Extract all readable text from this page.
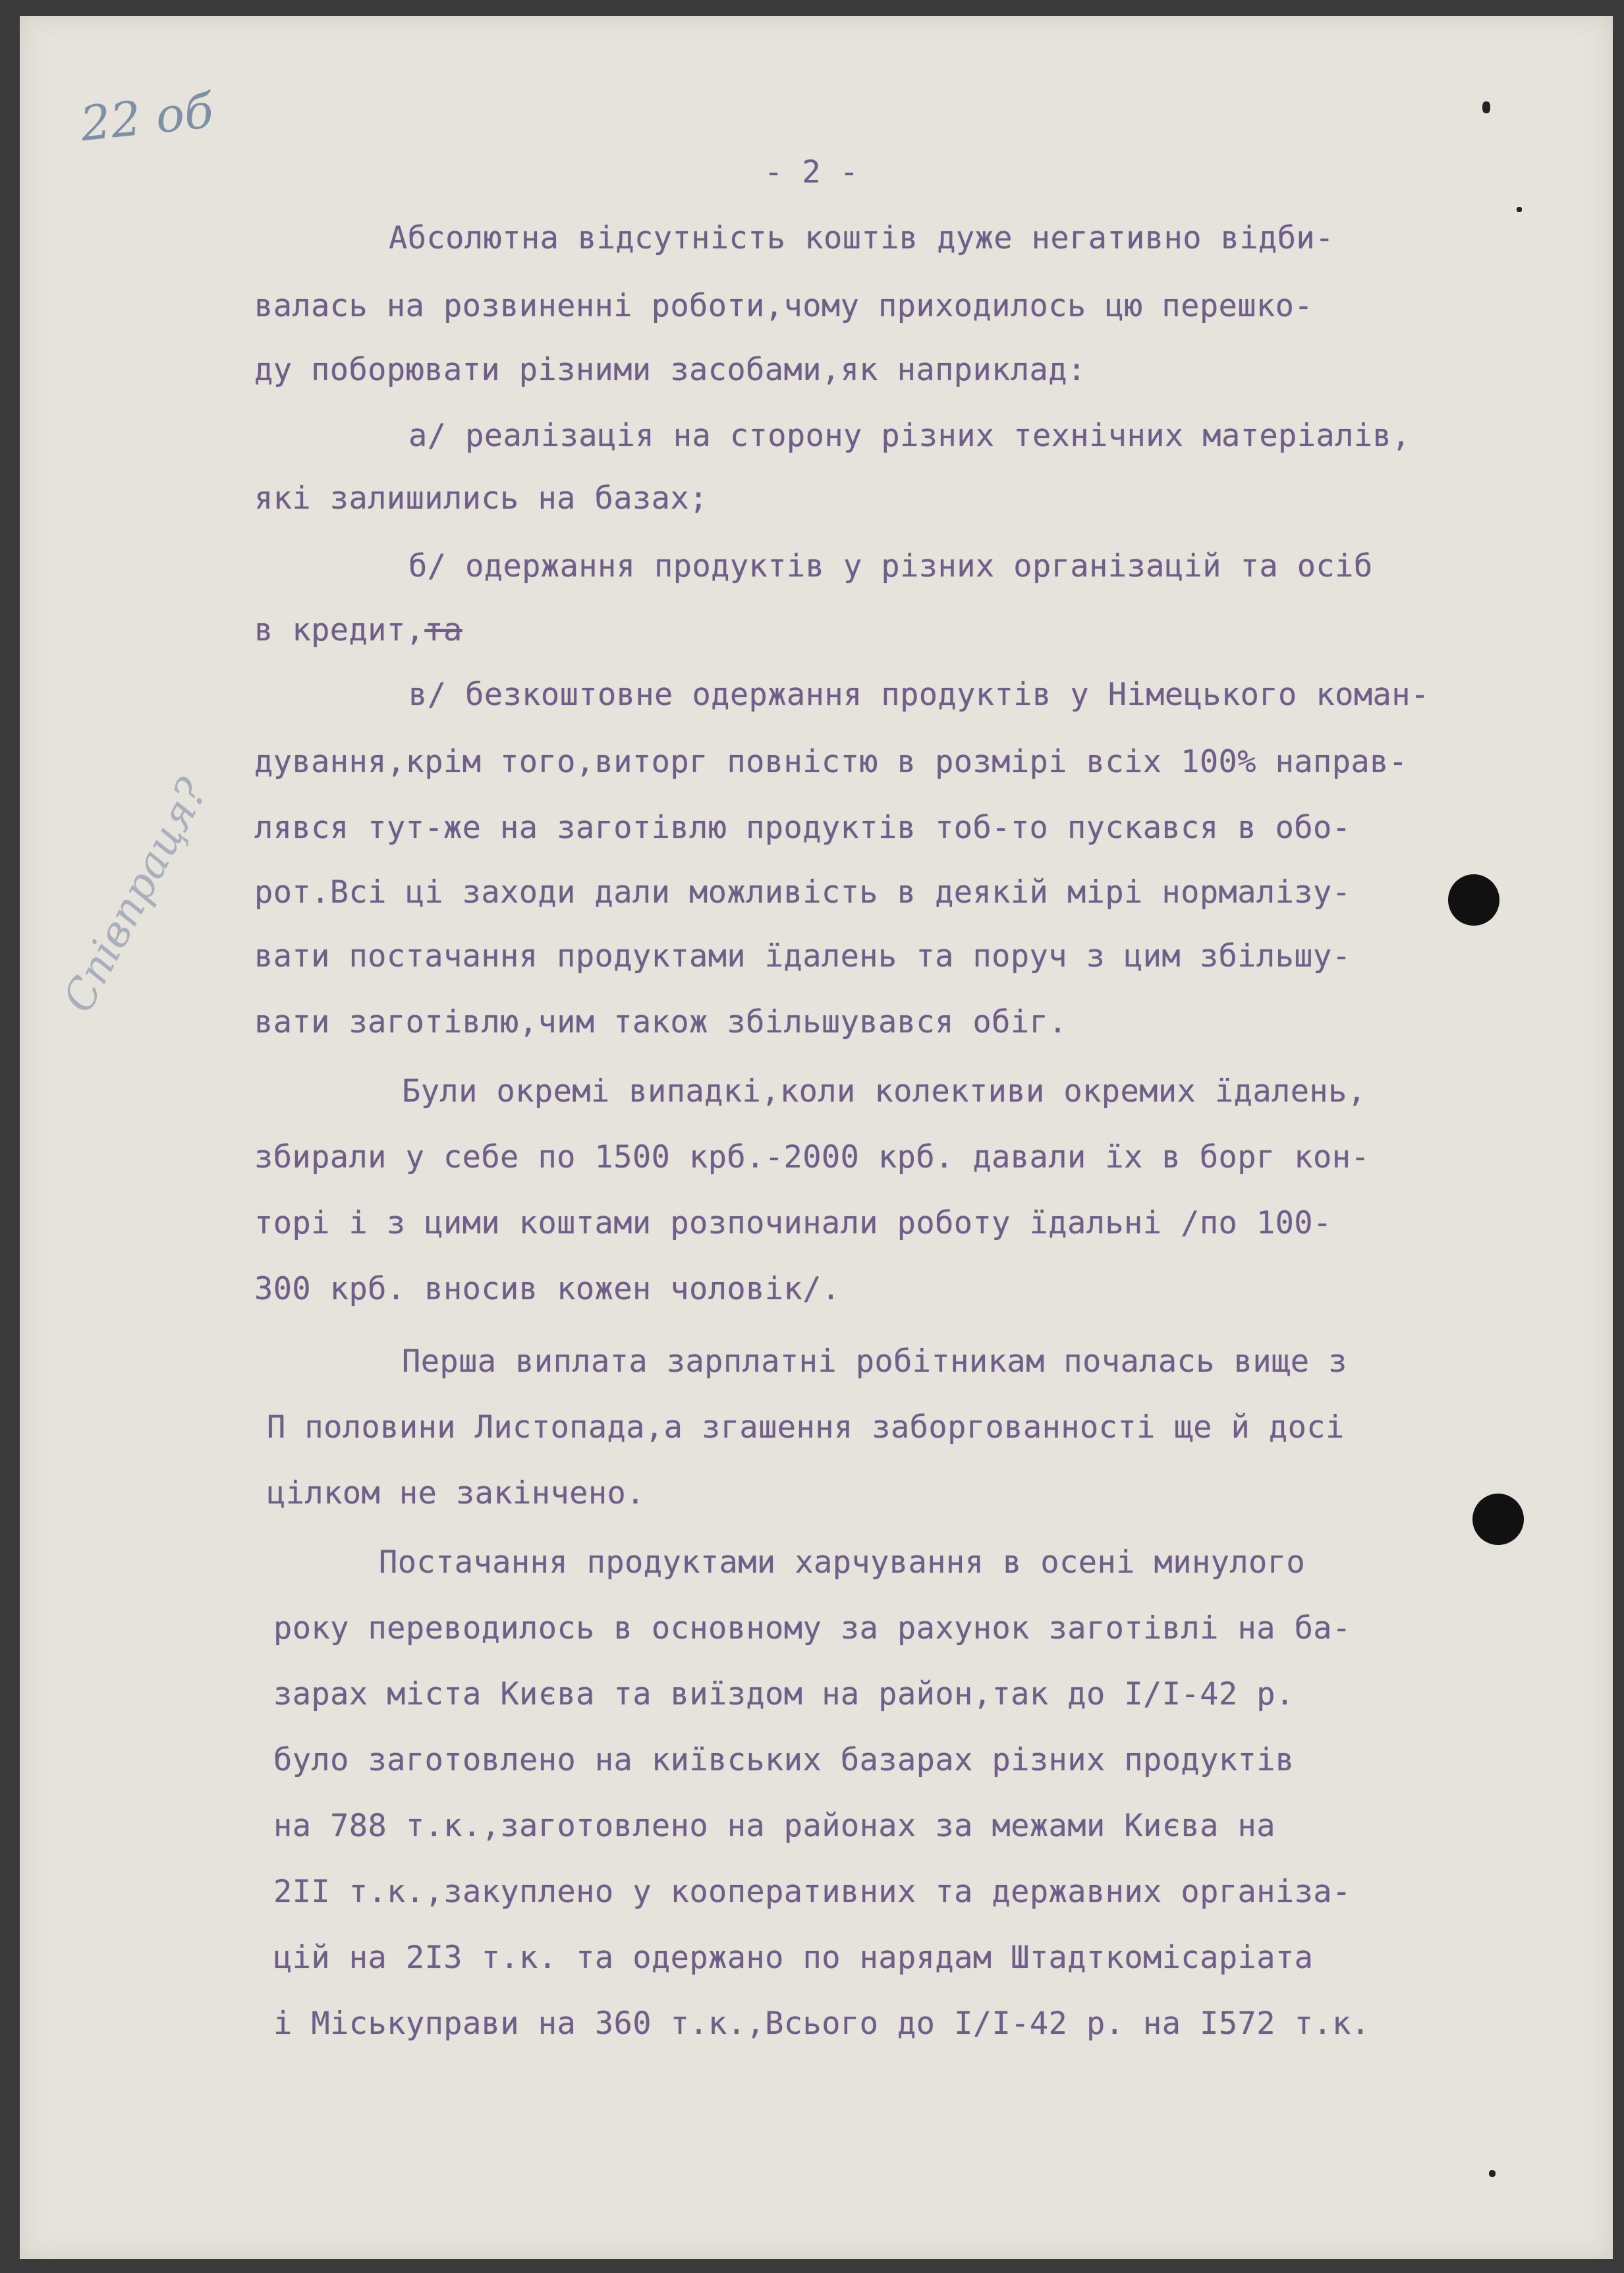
22 об
Співпраця?
- 2 -
Абсолютна відсутність коштів дуже негативно відби-
валась на розвиненні роботи,чому приходилось цю перешко-
ду поборювати різними засобами,як наприклад:
а/ реалізація на сторону різних технічних матеріалів,
які залишились на базах;
б/ одержання продуктів у різних організацій та осіб
в кредит,та
в/ безкоштовне одержання продуктів у Німецького коман-
дування,крім того,виторг повністю в розмірі всіх 100% направ-
лявся тут-же на заготівлю продуктів тоб-то пускався в обо-
рот.Всі ці заходи дали можливість в деякій мірі нормалізу-
вати постачання продуктами їдалень та поруч з цим збільшу-
вати заготівлю,чим також збільшувався обіг.
Були окремі випадкі,коли колективи окремих їдалень,
збирали у себе по 1500 крб.-2000 крб. давали їх в борг кон-
торі і з цими коштами розпочинали роботу їдальні /по 100-
300 крб. вносив кожен чоловік/.
Перша виплата зарплатні робітникам почалась вище з
П половини Листопада,а згашення заборгованності ще й досі
цілком не закінчено.
Постачання продуктами харчування в осені минулого
року переводилось в основному за рахунок заготівлі на ба-
зарах міста Києва та виїздом на район,так до І/І-42 р.
було заготовлено на київських базарах різних продуктів
на 788 т.к.,заготовлено на районах за межами Києва на
2ІІ т.к.,закуплено у кооперативних та державних організа-
цій на 2І3 т.к. та одержано по нарядам Штадткомісаріата
і Міськуправи на 360 т.к.,Всього до І/І-42 р. на І572 т.к.
